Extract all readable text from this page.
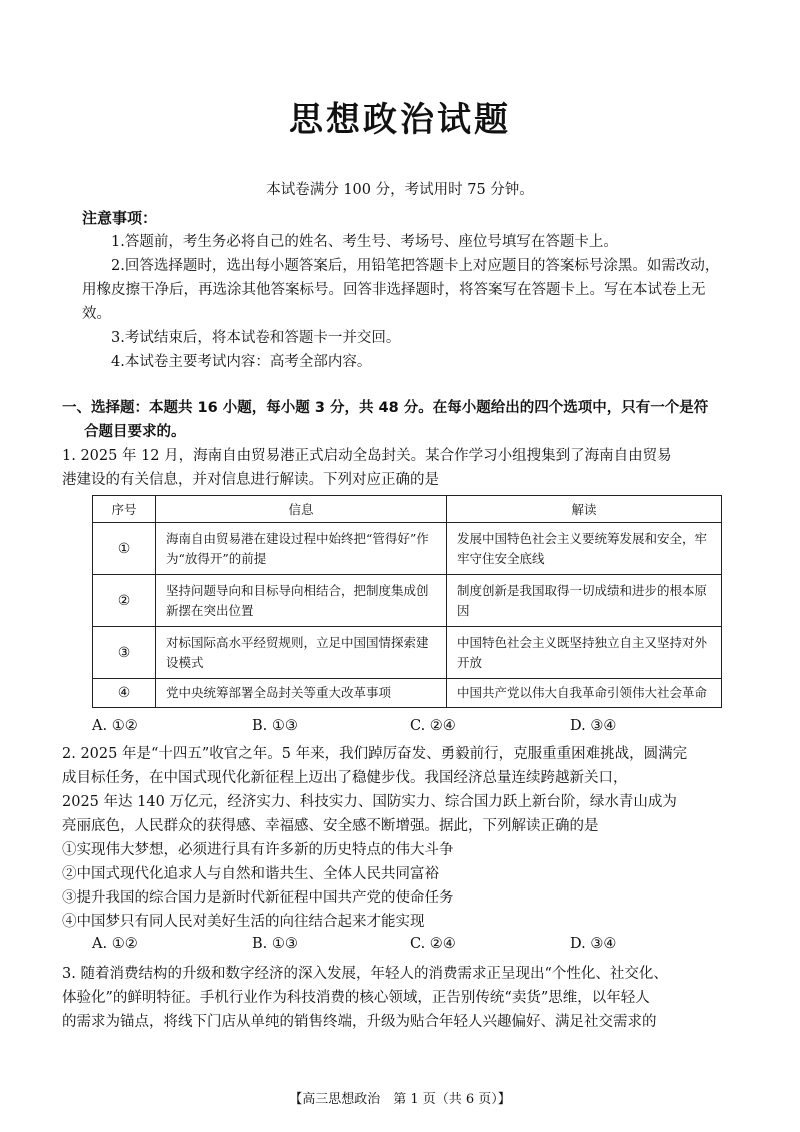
思想政治试题
本试卷满分 100 分，考试用时 75 分钟。
注意事项：

1.答题前，考生务必将自己的姓名、考生号、考场号、座位号填写在答题卡上。

2.回答选择题时，选出每小题答案后，用铅笔把答题卡上对应题目的答案标号涂黑。如需改动，用橡皮擦干净后，再选涂其他答案标号。回答非选择题时，将答案写在答题卡上。写在本试卷上无效。

3.考试结束后，将本试卷和答题卡一并交回。

4.本试卷主要考试内容：高考全部内容。

一、选择题：本题共 16 小题，每小题 3 分，共 48 分。在每小题给出的四个选项中，只有一个是符
合题目要求的。
1. 2025 年 12 月，海南自由贸易港正式启动全岛封关。某合作学习小组搜集到了海南自由贸易
港建设的有关信息，并对信息进行解读。下列对应正确的是
序号	信息	解读
①	海南自由贸易港在建设过程中始终把“管得好”作为“放得开”的前提	发展中国特色社会主义要统筹发展和安全，牢牢守住安全底线
②	坚持问题导向和目标导向相结合，把制度集成创新摆在突出位置	制度创新是我国取得一切成绩和进步的根本原因
③	对标国际高水平经贸规则，立足中国国情探索建设模式	中国特色社会主义既坚持独立自主又坚持对外开放
④	党中央统筹部署全岛封关等重大改革事项	中国共产党以伟大自我革命引领伟大社会革命
A. ①②	B. ①③	C. ②④	D. ③④
2. 2025 年是“十四五”收官之年。5 年来，我们踔厉奋发、勇毅前行，克服重重困难挑战，圆满完
成目标任务，在中国式现代化新征程上迈出了稳健步伐。我国经济总量连续跨越新关口，
2025 年达 140 万亿元，经济实力、科技实力、国防实力、综合国力跃上新台阶，绿水青山成为
亮丽底色，人民群众的获得感、幸福感、安全感不断增强。据此，下列解读正确的是
①实现伟大梦想，必须进行具有许多新的历史特点的伟大斗争
②中国式现代化追求人与自然和谐共生、全体人民共同富裕
③提升我国的综合国力是新时代新征程中国共产党的使命任务
④中国梦只有同人民对美好生活的向往结合起来才能实现
A. ①②	B. ①③	C. ②④	D. ③④
3. 随着消费结构的升级和数字经济的深入发展，年轻人的消费需求正呈现出“个性化、社交化、
体验化”的鲜明特征。手机行业作为科技消费的核心领域，正告别传统“卖货”思维，以年轻人
的需求为锚点，将线下门店从单纯的销售终端，升级为贴合年轻人兴趣偏好、满足社交需求的
【高三思想政治　第 1 页（共 6 页）】
